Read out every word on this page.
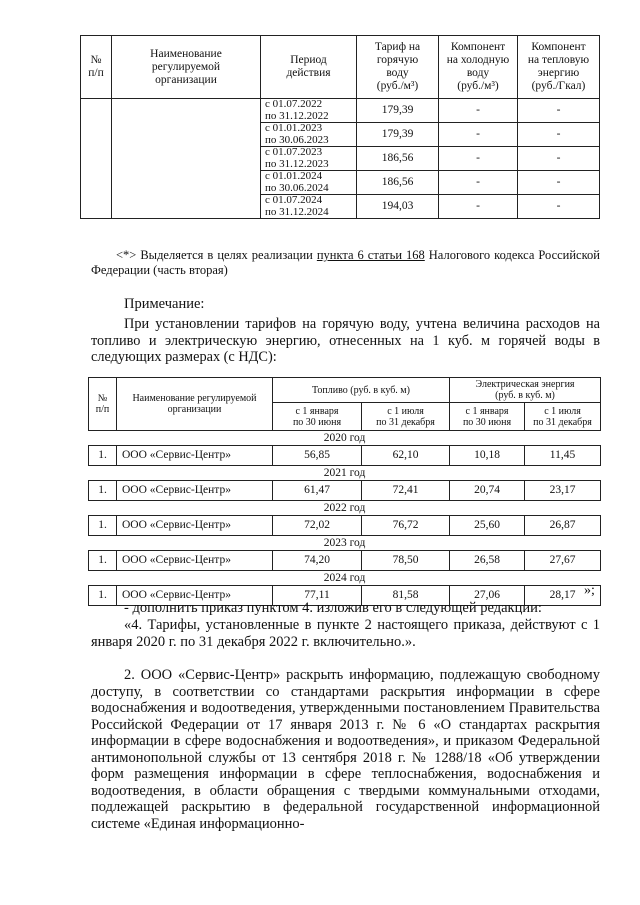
№
п/п	Наименование
регулируемой
организации	Период
действия	Тариф на
горячую
воду
(руб./м³)	Компонент
на холодную
воду
(руб./м³)	Компонент
на тепловую
энергию
(руб./Гкал)
		с 01.07.2022
по 31.12.2022	179,39	-	-
		с 01.01.2023
по 30.06.2023	179,39	-	-
		с 01.07.2023
по 31.12.2023	186,56	-	-
		с 01.01.2024
по 30.06.2024	186,56	-	-
		с 01.07.2024
по 31.12.2024	194,03	-	-
<*> Выделяется в целях реализации пункта 6 статьи 168 Налогового кодекса Российской Федерации (часть вторая)
Примечание:
При установлении тарифов на горячую воду, учтена величина расходов на топливо и электрическую энергию, отнесенных на 1 куб. м горячей воды в следующих размерах (с НДС):
№
п/п	Наименование регулируемой
организации	Топливо (руб. в куб. м)		Электрическая энергия
(руб. в куб. м)	
		с 1 января
по 30 июня	с 1 июля
по 31 декабря	с 1 января
по 30 июня	с 1 июля
по 31 декабря
2020 год					
1.	ООО «Сервис-Центр»	56,85	62,10	10,18	11,45
2021 год					
1.	ООО «Сервис-Центр»	61,47	72,41	20,74	23,17
2022 год					
1.	ООО «Сервис-Центр»	72,02	76,72	25,60	26,87
2023 год					
1.	ООО «Сервис-Центр»	74,20	78,50	26,58	27,67
2024 год					
1.	ООО «Сервис-Центр»	77,11	81,58	27,06	28,17 »;
- дополнить приказ пунктом 4. изложив его в следующей редакции:
«4. Тарифы, установленные в пункте 2 настоящего приказа, действуют с 1 января 2020 г. по 31 декабря 2022 г. включительно.».
2. ООО «Сервис-Центр» раскрыть информацию, подлежащую свободному доступу, в соответствии со стандартами раскрытия информации в сфере водоснабжения и водоотведения, утвержденными постановлением Правительства Российской Федерации от 17 января 2013 г. № 6 «О стандартах раскрытия информации в сфере водоснабжения и водоотведения», и приказом Федеральной антимонопольной службы от 13 сентября 2018 г. № 1288/18 «Об утверждении форм размещения информации в сфере теплоснабжения, водоснабжения и водоотведения, в области обращения с твердыми коммунальными отходами, подлежащей раскрытию в федеральной государственной информационной системе «Единая информационно-
